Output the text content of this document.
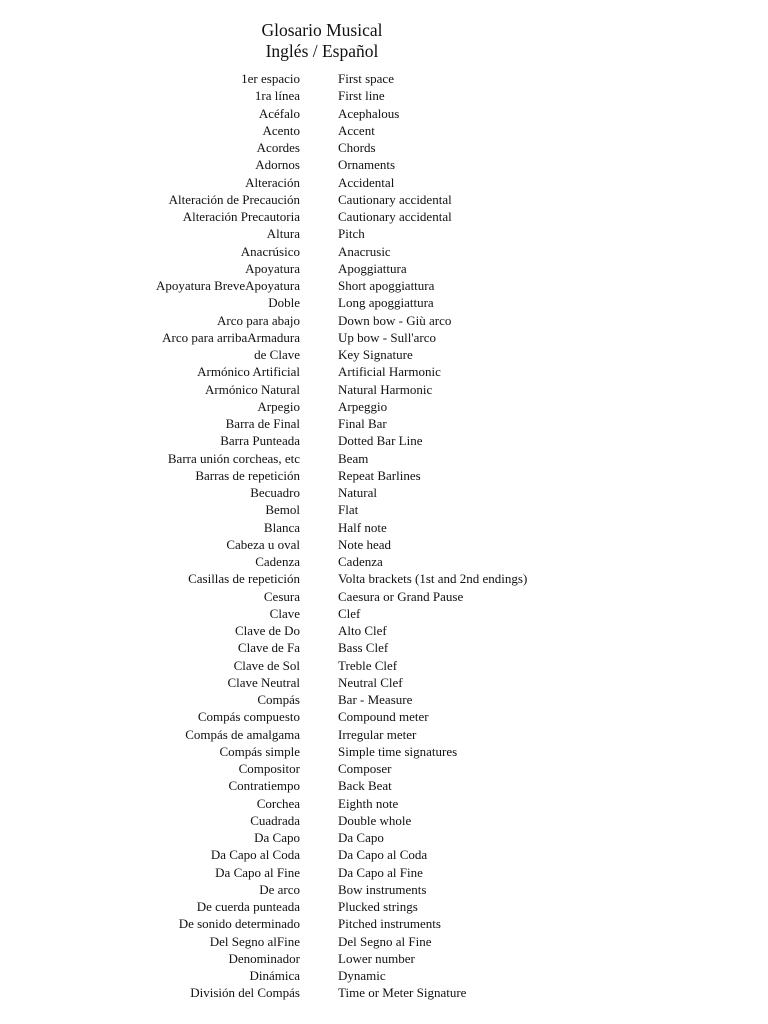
Glosario Musical
Inglés / Español
1er espacio	First space
1ra línea	First line
Acéfalo	Acephalous
Acento	Accent
Acordes	Chords
Adornos	Ornaments
Alteración	Accidental
Alteración de Precaución	Cautionary accidental
Alteración Precautoria	Cautionary accidental
Altura	Pitch
Anacrúsico	Anacrusic
Apoyatura	Apoggiattura
Apoyatura BreveApoyatura	Short apoggiattura
Doble	Long apoggiattura
Arco para abajo	Down bow - Giù arco
Arco para arribaArmadura	Up bow - Sull'arco
de Clave	Key Signature
Armónico Artificial	Artificial Harmonic
Armónico Natural	Natural Harmonic
Arpegio	Arpeggio
Barra de Final	Final Bar
Barra Punteada	Dotted Bar Line
Barra unión corcheas, etc	Beam
Barras de repetición	Repeat Barlines
Becuadro	Natural
Bemol	Flat
Blanca	Half note
Cabeza u oval	Note head
Cadenza	Cadenza
Casillas de repetición	Volta brackets (1st and 2nd endings)
Cesura	Caesura or Grand Pause
Clave	Clef
Clave de Do	Alto Clef
Clave de Fa	Bass Clef
Clave de Sol	Treble Clef
Clave Neutral	Neutral Clef
Compás	Bar - Measure
Compás compuesto	Compound meter
Compás de amalgama	Irregular meter
Compás simple	Simple time signatures
Compositor	Composer
Contratiempo	Back Beat
Corchea	Eighth note
Cuadrada	Double whole
Da Capo	Da Capo
Da Capo al Coda	Da Capo al Coda
Da Capo al Fine	Da Capo al Fine
De arco	Bow instruments
De cuerda punteada	Plucked strings
De sonido determinado	Pitched instruments
Del Segno alFine	Del Segno al Fine
Denominador	Lower number
Dinámica	Dynamic
División del Compás	Time or Meter Signature
